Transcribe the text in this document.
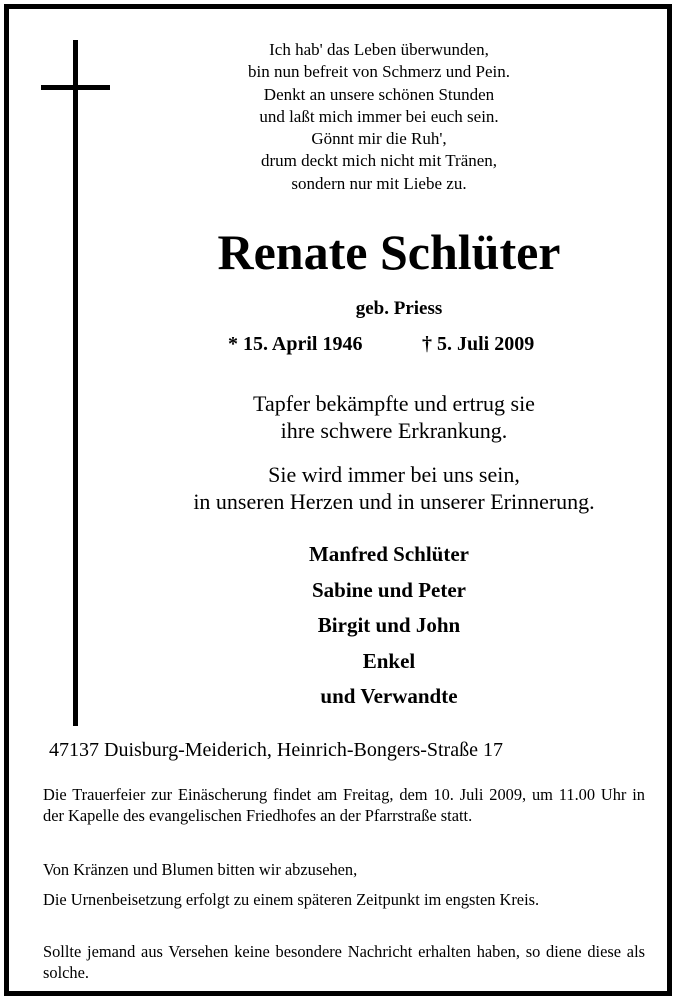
Ich hab' das Leben überwunden,
bin nun befreit von Schmerz und Pein.
Denkt an unsere schönen Stunden
und laßt mich immer bei euch sein.
Gönnt mir die Ruh',
drum deckt mich nicht mit Tränen,
sondern nur mit Liebe zu.
Renate Schlüter
geb. Priess
* 15. April 1946	† 5. Juli 2009
Tapfer bekämpfte und ertrug sie
ihre schwere Erkrankung.
Sie wird immer bei uns sein,
in unseren Herzen und in unserer Erinnerung.
Manfred Schlüter
Sabine und Peter
Birgit und John
Enkel
und Verwandte
47137 Duisburg-Meiderich, Heinrich-Bongers-Straße 17
Die Trauerfeier zur Einäscherung findet am Freitag, dem 10. Juli 2009, um 11.00 Uhr in der Kapelle des evangelischen Friedhofes an der Pfarrstraße statt.
Von Kränzen und Blumen bitten wir abzusehen,
Die Urnenbeisetzung erfolgt zu einem späteren Zeitpunkt im engsten Kreis.
Sollte jemand aus Versehen keine besondere Nachricht erhalten haben, so diene diese als solche.
